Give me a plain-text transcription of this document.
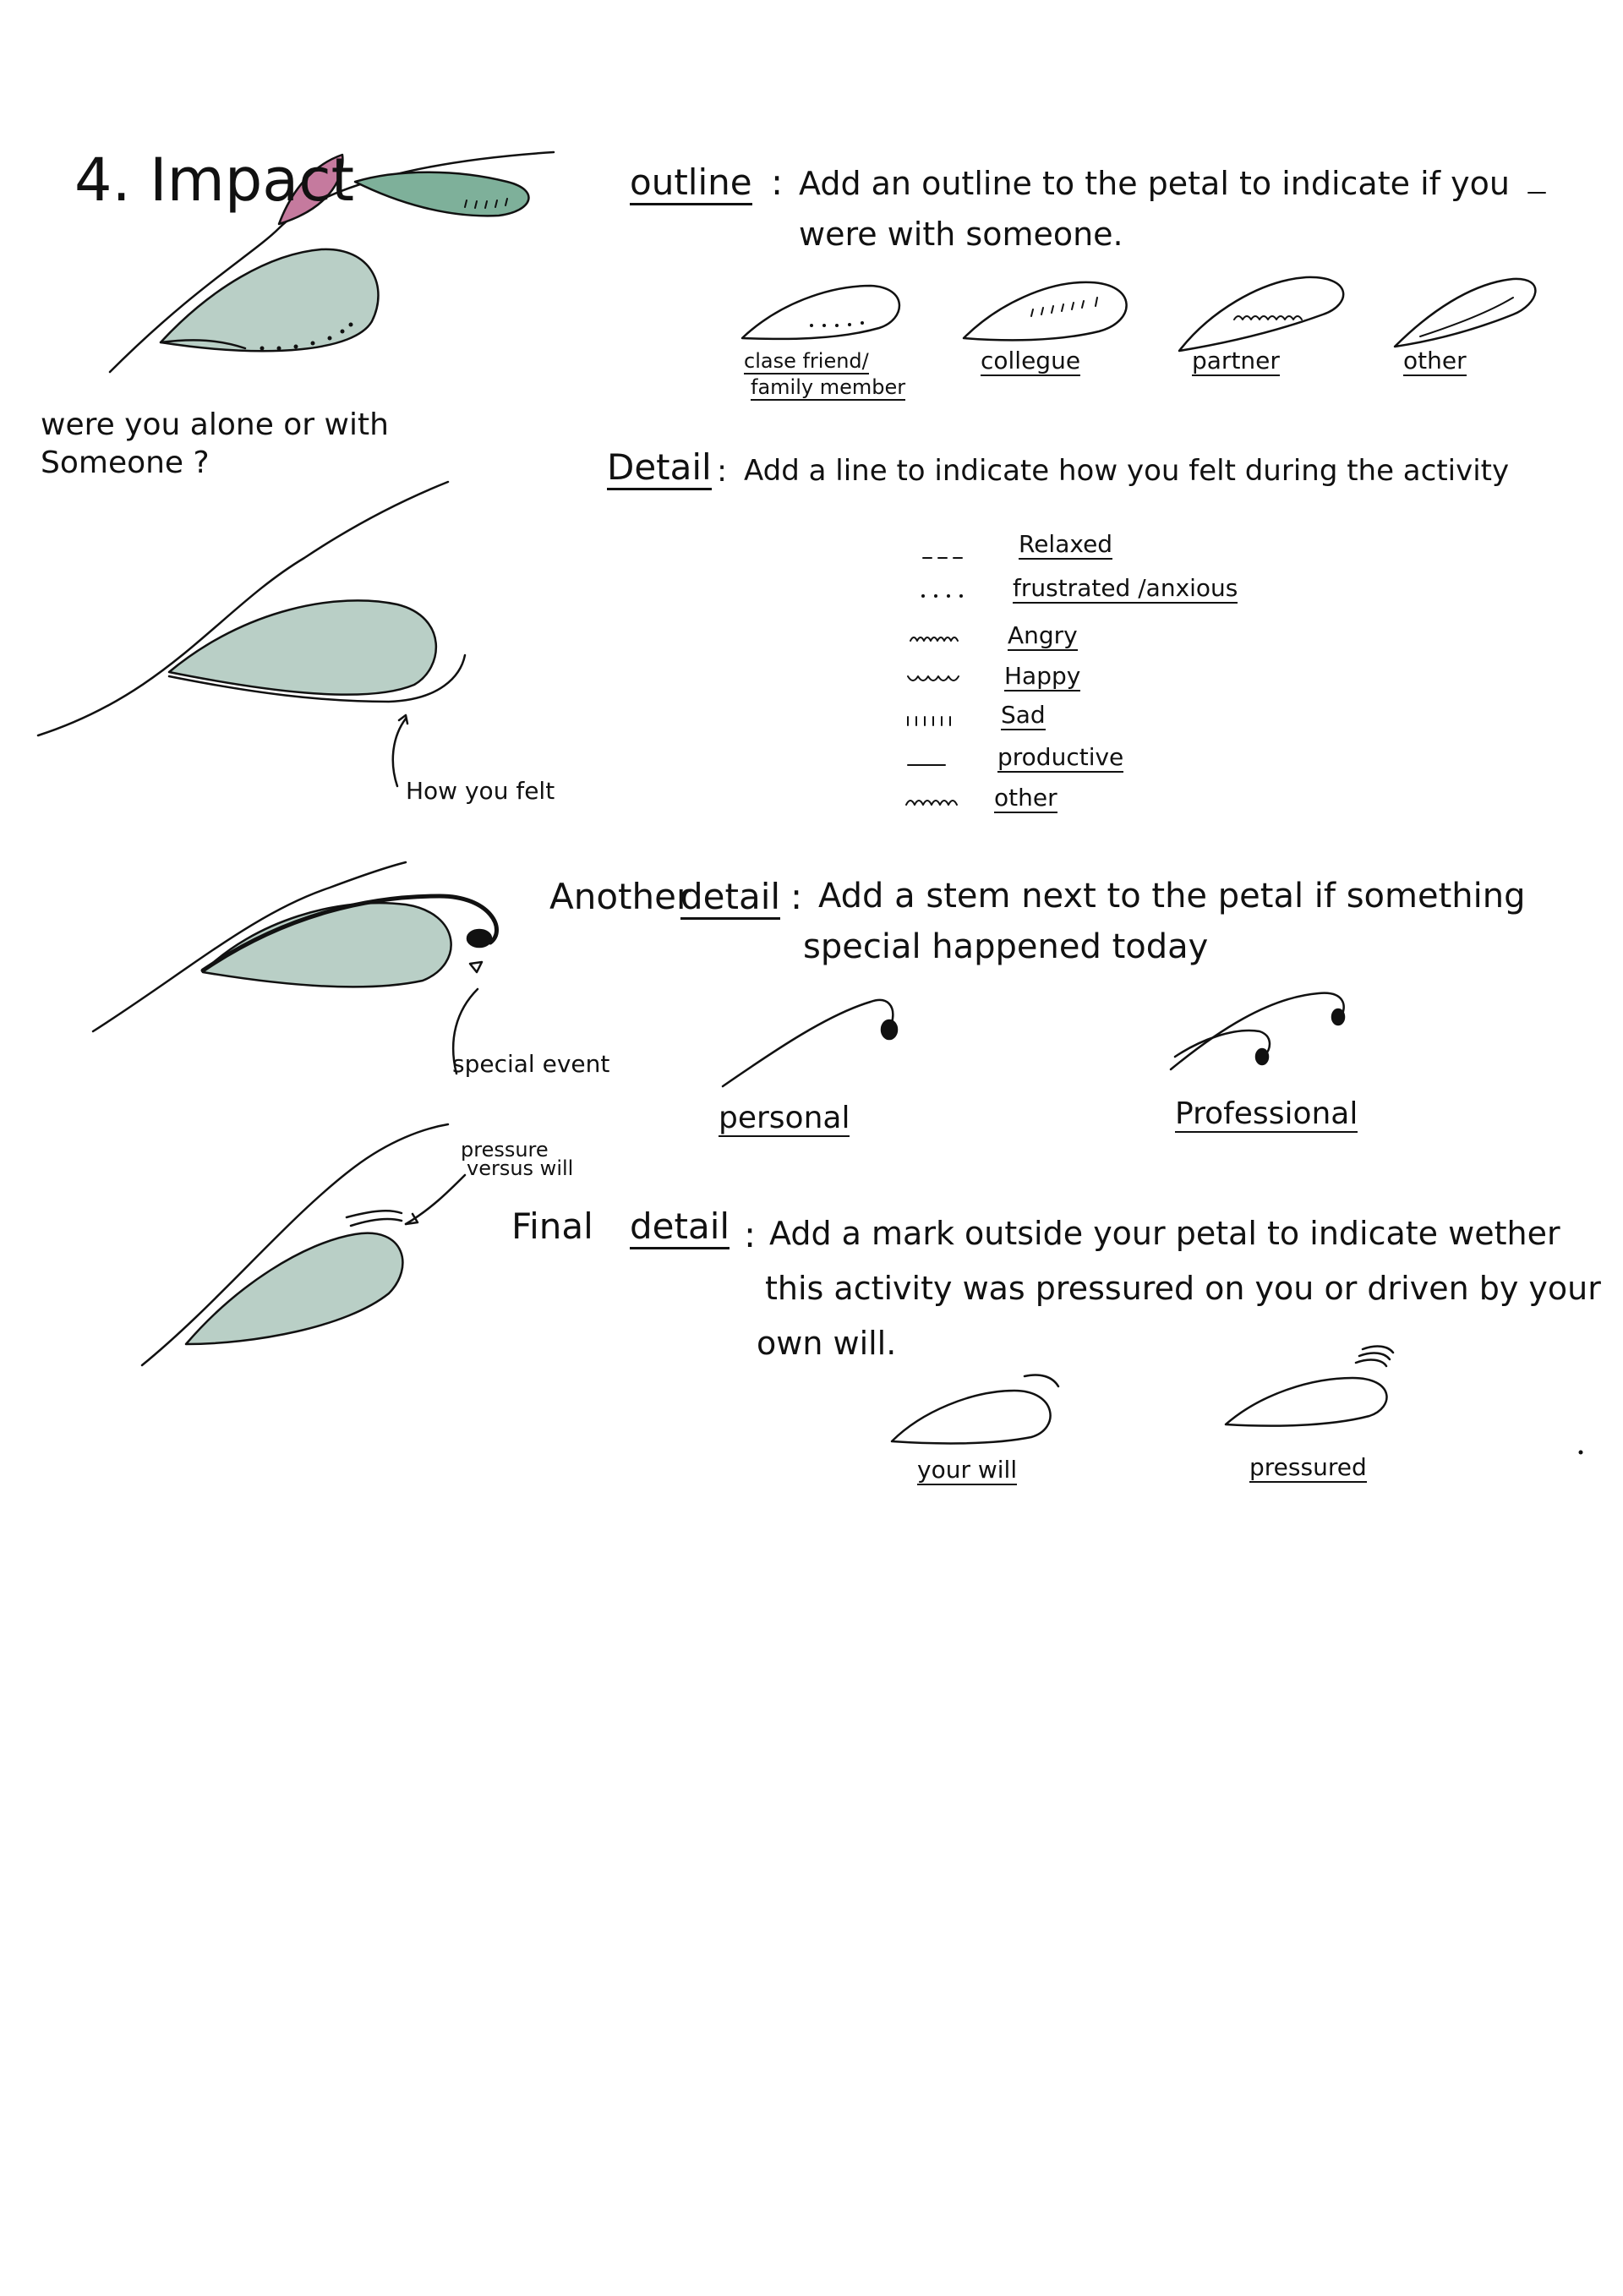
4. Impact
were you alone or with
Someone ?
outline : Add an outline to the petal to indicate if you
were with someone.
clase friend/
family member
collegue	partner	other
Detail : Add a line to indicate how you felt during the activity
Relaxed
frustrated /anxious
Angry
Happy
Sad
productive
other
How you felt
Another
detail : Add a stem next to the petal if something
special happened today
special event
personal	Professional
pressure
versus will
Final detail : Add a mark outside your petal to indicate wether
this activity was pressured on you or driven by your
own will.
your will	pressured
